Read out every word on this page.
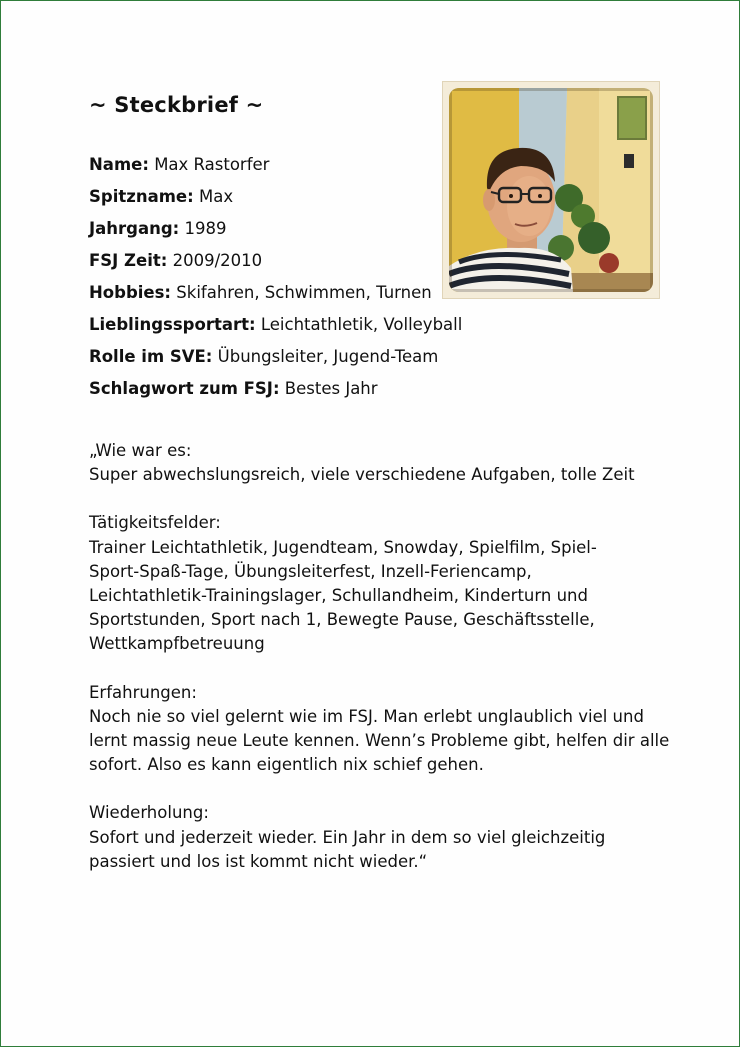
~ Steckbrief ~
Name: Max Rastorfer
Spitzname: Max
Jahrgang: 1989
FSJ Zeit: 2009/2010
Hobbies: Skifahren, Schwimmen, Turnen
Lieblingssportart: Leichtathletik, Volleyball
Rolle im SVE: Übungsleiter, Jugend-Team
Schlagwort zum FSJ: Bestes Jahr

„Wie war es:

Super abwechslungsreich, viele verschiedene Aufgaben, tolle Zeit

Tätigkeitsfelder:

Trainer Leichtathletik, Jugendteam, Snowday, Spielfilm, Spiel-

Sport-Spaß-Tage, Übungsleiterfest, Inzell-Feriencamp,

Leichtathletik-Trainingslager, Schullandheim, Kinderturn und

Sportstunden, Sport nach 1, Bewegte Pause, Geschäftsstelle,

Wettkampfbetreuung

Erfahrungen:

Noch nie so viel gelernt wie im FSJ. Man erlebt unglaublich viel und

lernt massig neue Leute kennen. Wenn’s Probleme gibt, helfen dir alle

sofort. Also es kann eigentlich nix schief gehen.

Wiederholung:

Sofort und jederzeit wieder. Ein Jahr in dem so viel gleichzeitig

passiert und los ist kommt nicht wieder.“
